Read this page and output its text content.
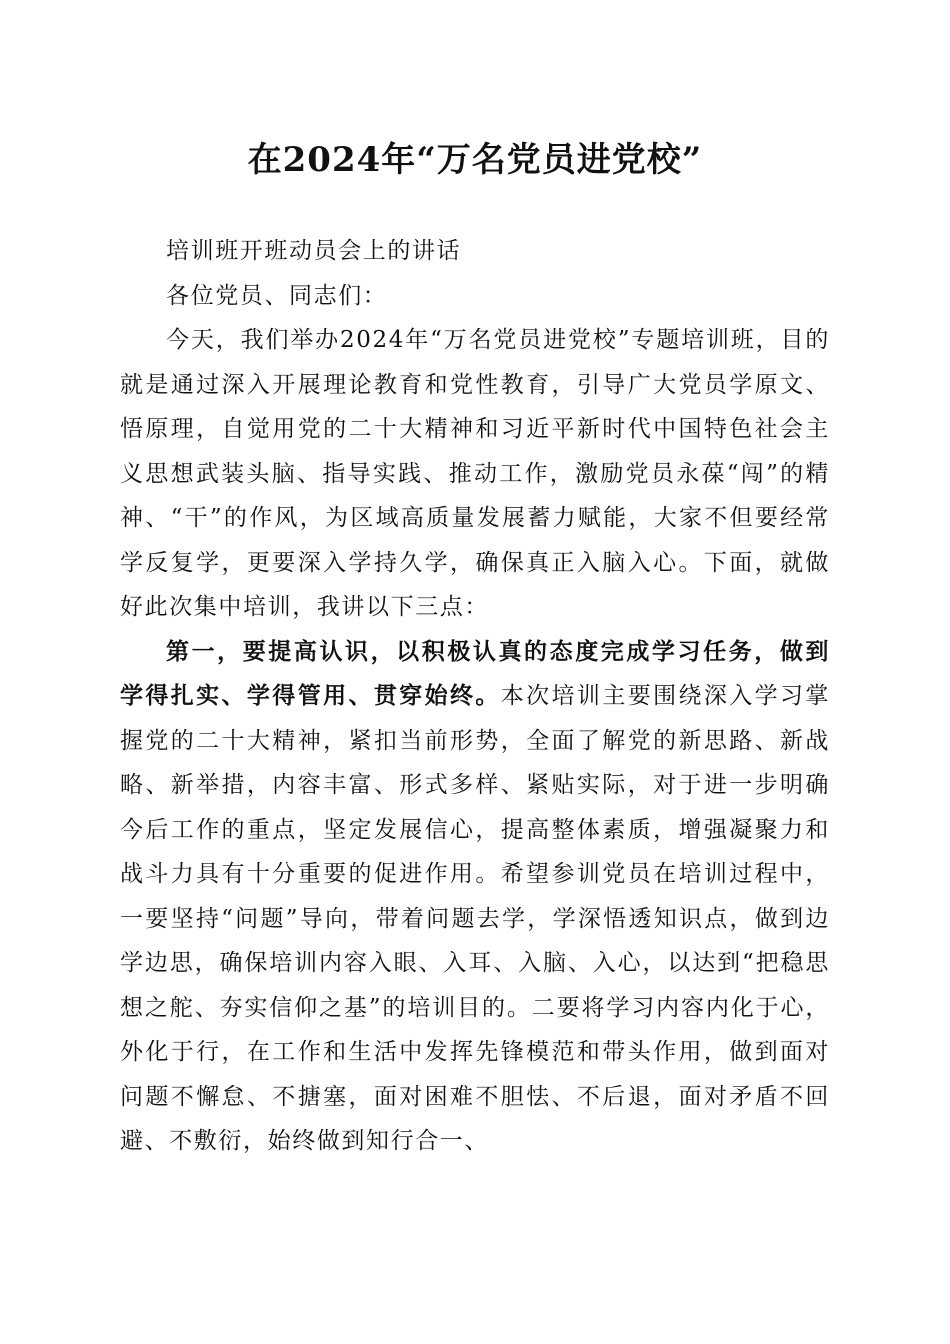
在2024年“万名党员进党校”

培训班开班动员会上的讲话

各位党员、同志们：

今天，我们举办2024年“万名党员进党校”专题培训班，目的就是通过深入开展理论教育和党性教育，引导广大党员学原文、悟原理，自觉用党的二十大精神和习近平新时代中国特色社会主义思想武装头脑、指导实践、推动工作，激励党员永葆“闯”的精神、“干”的作风，为区域高质量发展蓄力赋能，大家不但要经常学反复学，更要深入学持久学，确保真正入脑入心。下面，就做好此次集中培训，我讲以下三点：

第一，要提高认识，以积极认真的态度完成学习任务，做到学得扎实、学得管用、贯穿始终。本次培训主要围绕深入学习掌握党的二十大精神，紧扣当前形势，全面了解党的新思路、新战略、新举措，内容丰富、形式多样、紧贴实际，对于进一步明确今后工作的重点，坚定发展信心，提高整体素质，增强凝聚力和战斗力具有十分重要的促进作用。希望参训党员在培训过程中，一要坚持“问题”导向，带着问题去学，学深悟透知识点，做到边学边思，确保培训内容入眼、入耳、入脑、入心，以达到“把稳思想之舵、夯实信仰之基”的培训目的。二要将学习内容内化于心，外化于行，在工作和生活中发挥先锋模范和带头作用，做到面对问题不懈怠、不搪塞，面对困难不胆怯、不后退，面对矛盾不回避、不敷衍，始终做到知行合一、
